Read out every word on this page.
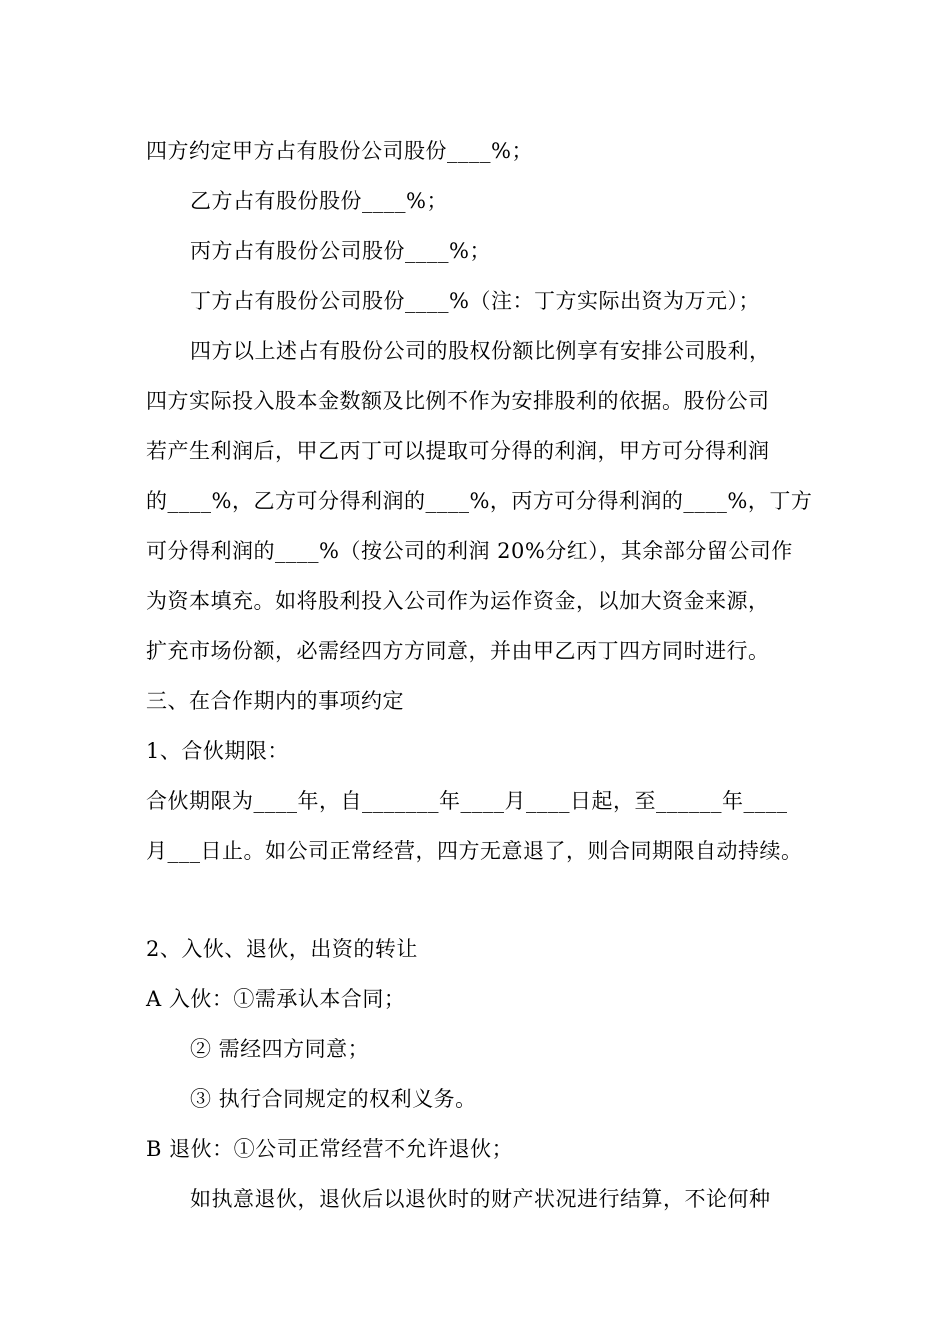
四方约定甲方占有股份公司股份____%；
乙方占有股份股份____%；
丙方占有股份公司股份____%；
丁方占有股份公司股份____%（注：丁方实际出资为万元）；
四方以上述占有股份公司的股权份额比例享有安排公司股利，
四方实际投入股本金数额及比例不作为安排股利的依据。股份公司
若产生利润后，甲乙丙丁可以提取可分得的利润，甲方可分得利润
的____%，乙方可分得利润的____%，丙方可分得利润的____%，丁方
可分得利润的____%（按公司的利润 20%分红），其余部分留公司作
为资本填充。如将股利投入公司作为运作资金，以加大资金来源，
扩充市场份额，必需经四方方同意，并由甲乙丙丁四方同时进行。
三、在合作期内的事项约定
1、合伙期限：
合伙期限为____年，自_______年____月____日起，至______年____
月___日止。如公司正常经营，四方无意退了，则合同期限自动持续。
2、入伙、退伙，出资的转让
A 入伙：①需承认本合同；
② 需经四方同意；
③ 执行合同规定的权利义务。
B 退伙：①公司正常经营不允许退伙；
如执意退伙，退伙后以退伙时的财产状况进行结算，不论何种
